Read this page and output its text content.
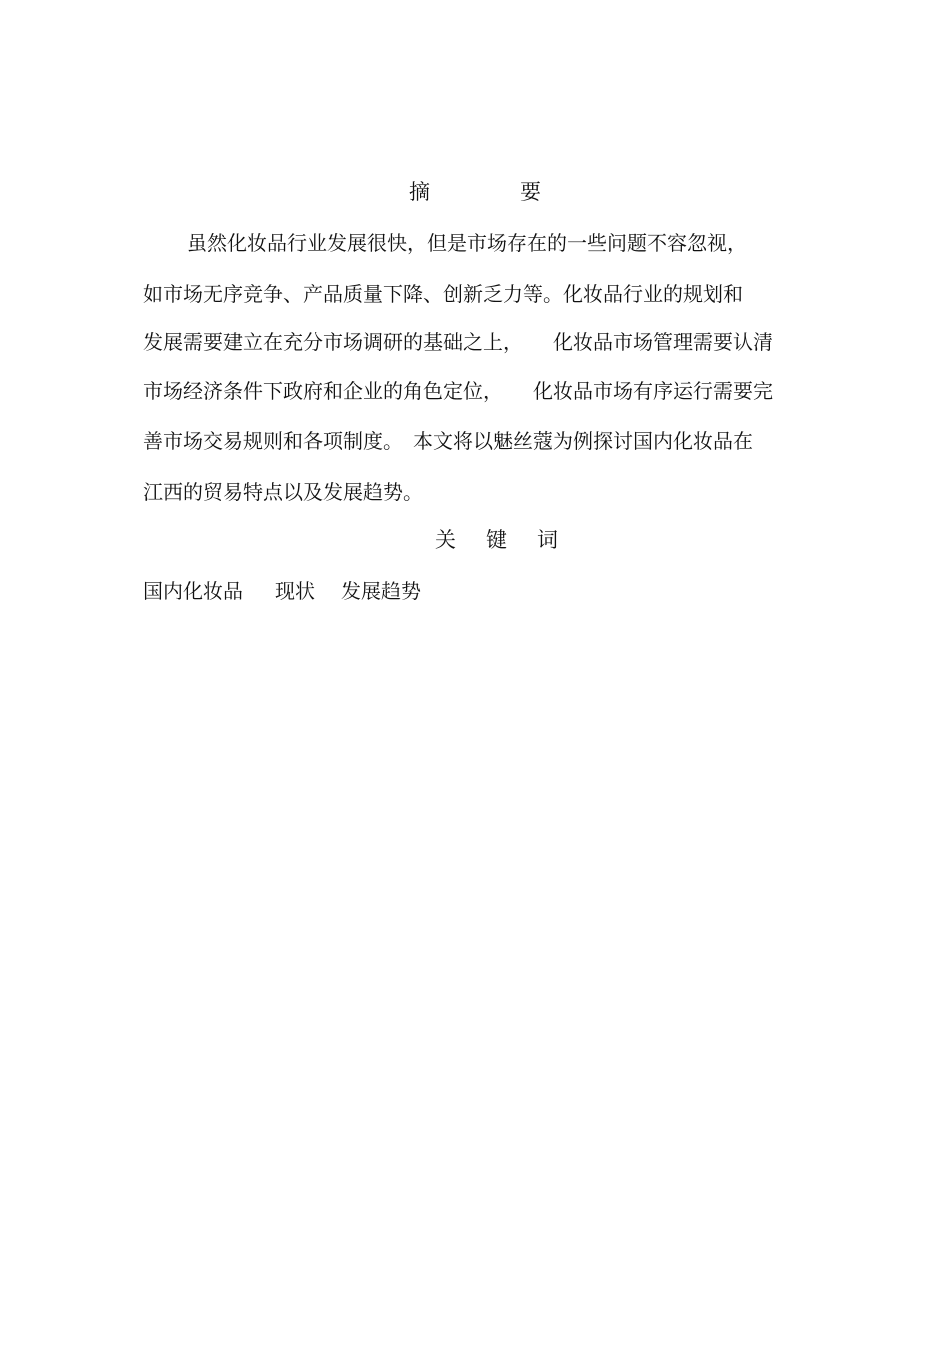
摘	要
虽然化妆品行业发展很快，但是市场存在的一些问题不容忽视，
如市场无序竞争、产品质量下降、创新乏力等。化妆品行业的规划和
发展需要建立在充分市场调研的基础之上，　　化妆品市场管理需要认清
市场经济条件下政府和企业的角色定位，　　化妆品市场有序运行需要完
善市场交易规则和各项制度。　本文将以魅丝蔻为例探讨国内化妆品在
江西的贸易特点以及发展趋势。
关 键 词
国内化妆品 现状 发展趋势
